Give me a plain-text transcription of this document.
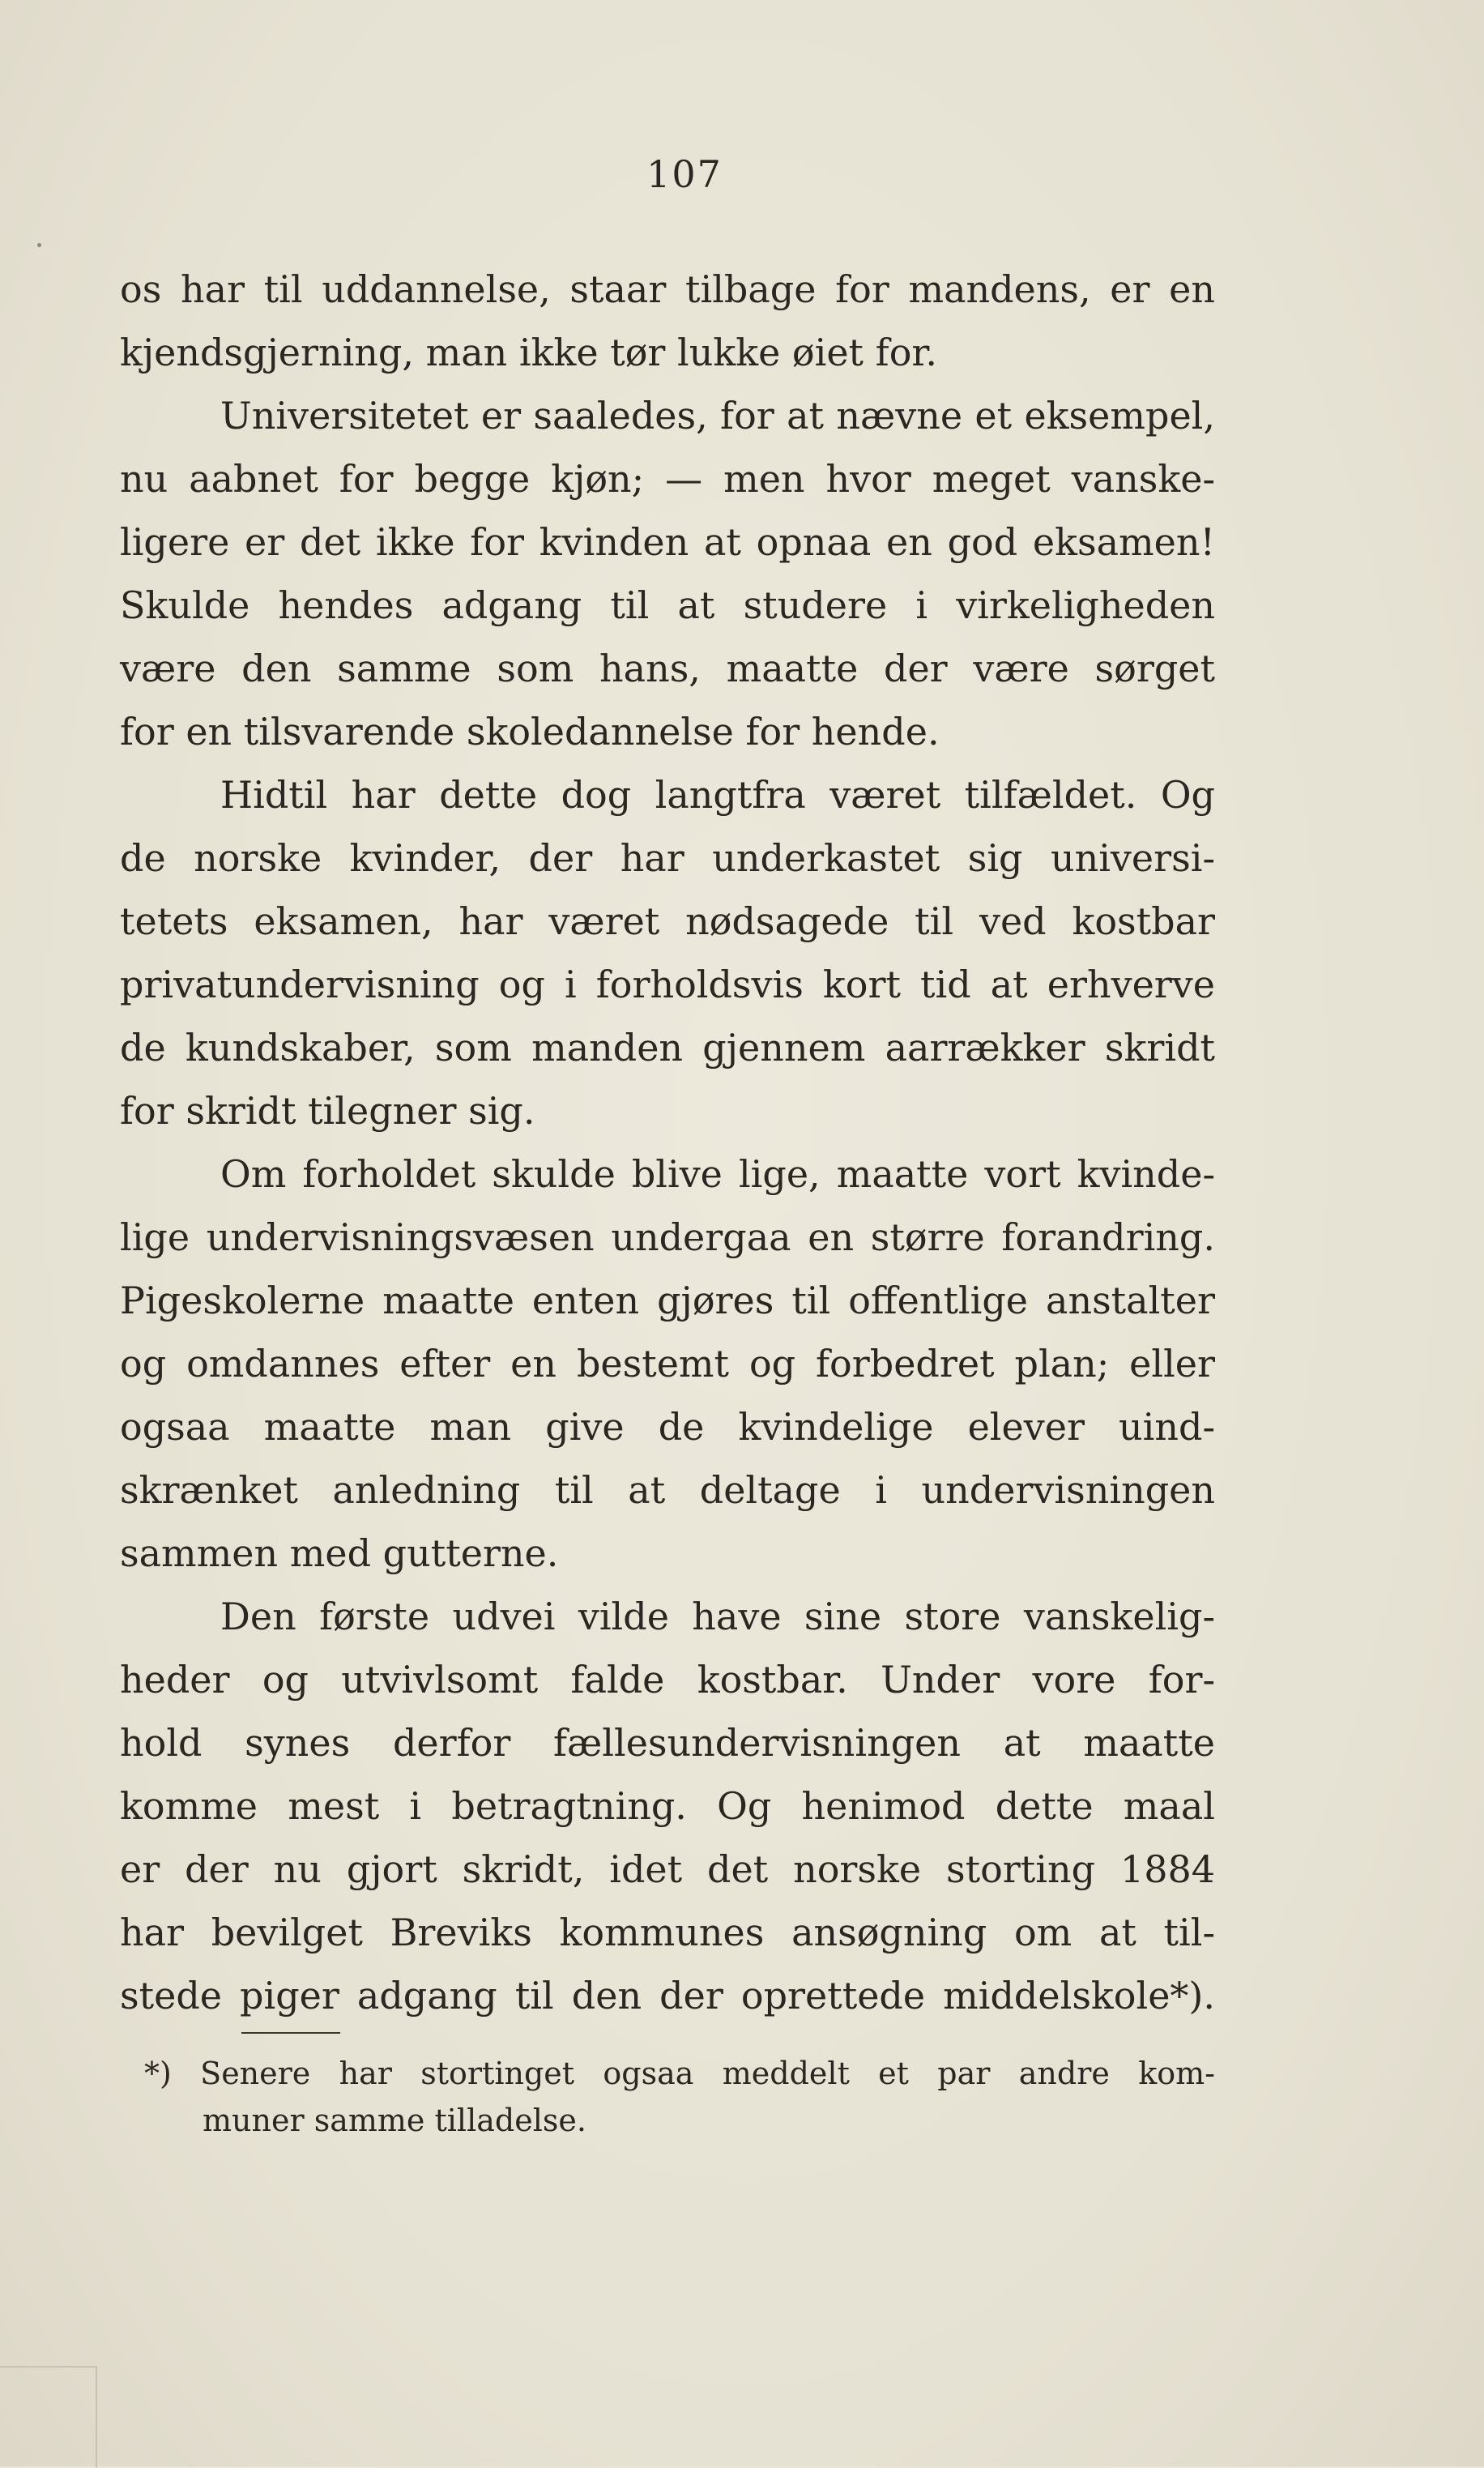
107
os har til uddannelse, staar tilbage for mandens, er en
kjendsgjerning, man ikke tør lukke øiet for.
Universitetet er saaledes, for at nævne et eksempel,
nu aabnet for begge kjøn; — men hvor meget vanske-
ligere er det ikke for kvinden at opnaa en god eksamen!
Skulde hendes adgang til at studere i virkeligheden
være den samme som hans, maatte der være sørget
for en tilsvarende skoledannelse for hende.
Hidtil har dette dog langtfra været tilfældet. Og
de norske kvinder, der har underkastet sig universi-
tetets eksamen, har været nødsagede til ved kostbar
privatundervisning og i forholdsvis kort tid at erhverve
de kundskaber, som manden gjennem aarrækker skridt
for skridt tilegner sig.
Om forholdet skulde blive lige, maatte vort kvinde-
lige undervisningsvæsen undergaa en større forandring.
Pigeskolerne maatte enten gjøres til offentlige anstalter
og omdannes efter en bestemt og forbedret plan; eller
ogsaa maatte man give de kvindelige elever uind-
skrænket anledning til at deltage i undervisningen
sammen med gutterne.
Den første udvei vilde have sine store vanskelig-
heder og utvivlsomt falde kostbar. Under vore for-
hold synes derfor fællesundervisningen at maatte
komme mest i betragtning. Og henimod dette maal
er der nu gjort skridt, idet det norske storting 1884
har bevilget Breviks kommunes ansøgning om at til-
stede piger adgang til den der oprettede middelskole*).
*) Senere har stortinget ogsaa meddelt et par andre kom-
muner samme tilladelse.
